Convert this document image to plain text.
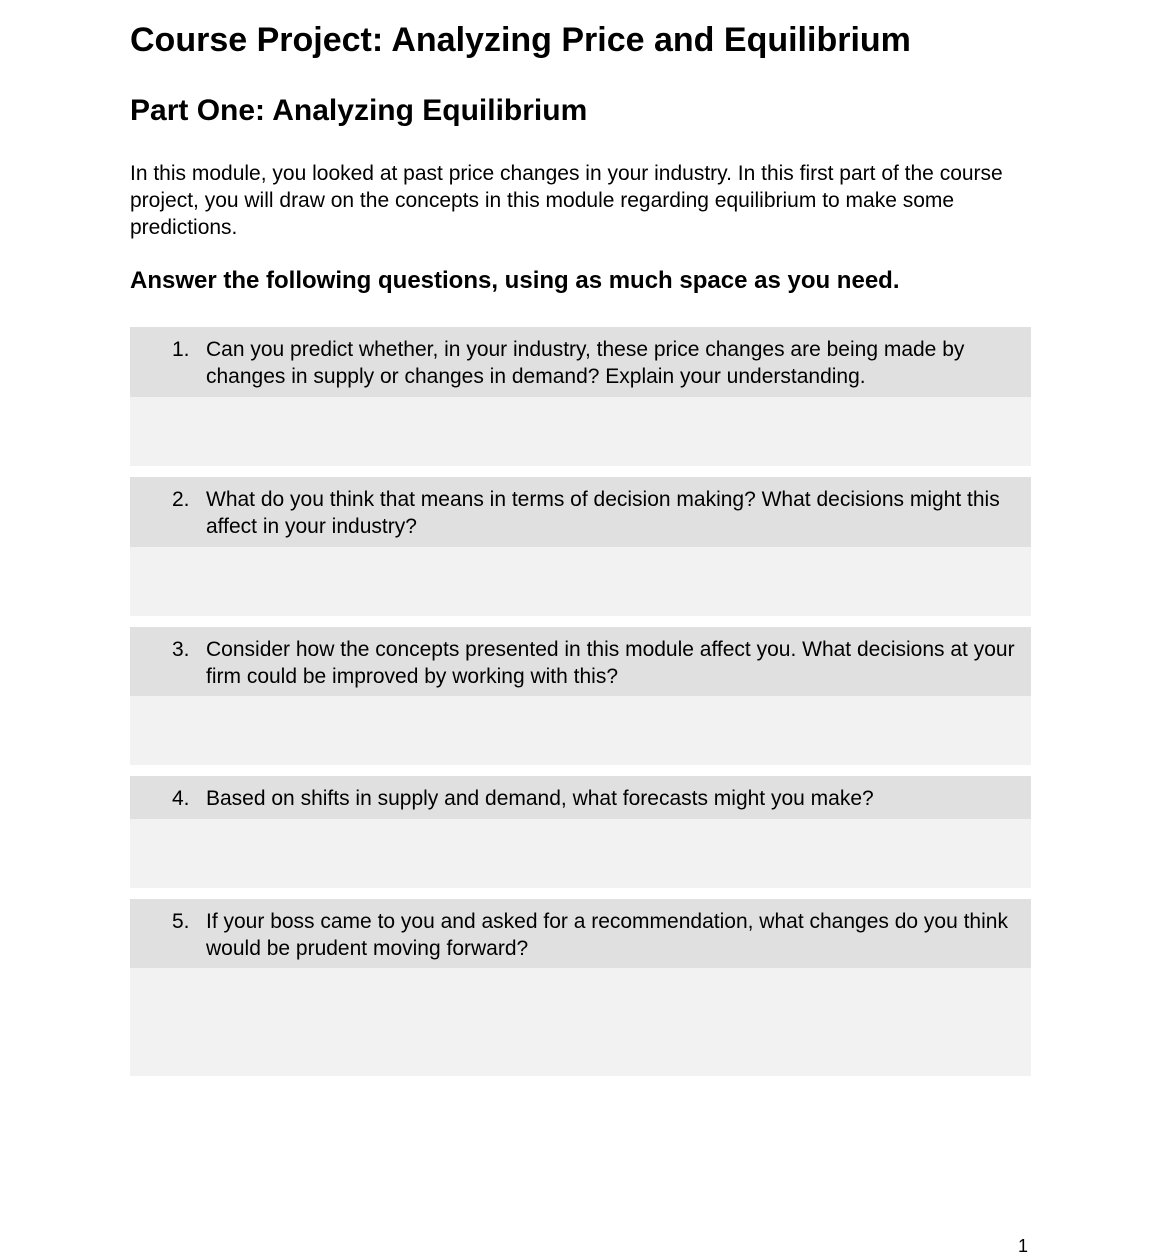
Course Project: Analyzing Price and Equilibrium
Part One: Analyzing Equilibrium

In this module, you looked at past price changes in your industry. In this first part of the course project, you will draw on the concepts in this module regarding equilibrium to make some predictions.

Answer the following questions, using as much space as you need.

1. Can you predict whether, in your industry, these price changes are being made by changes in supply or changes in demand? Explain your understanding.
2. What do you think that means in terms of decision making? What decisions might this affect in your industry?
3. Consider how the concepts presented in this module affect you. What decisions at your firm could be improved by working with this?
4. Based on shifts in supply and demand, what forecasts might you make?
5. If your boss came to you and asked for a recommendation, what changes do you think would be prudent moving forward?
1
